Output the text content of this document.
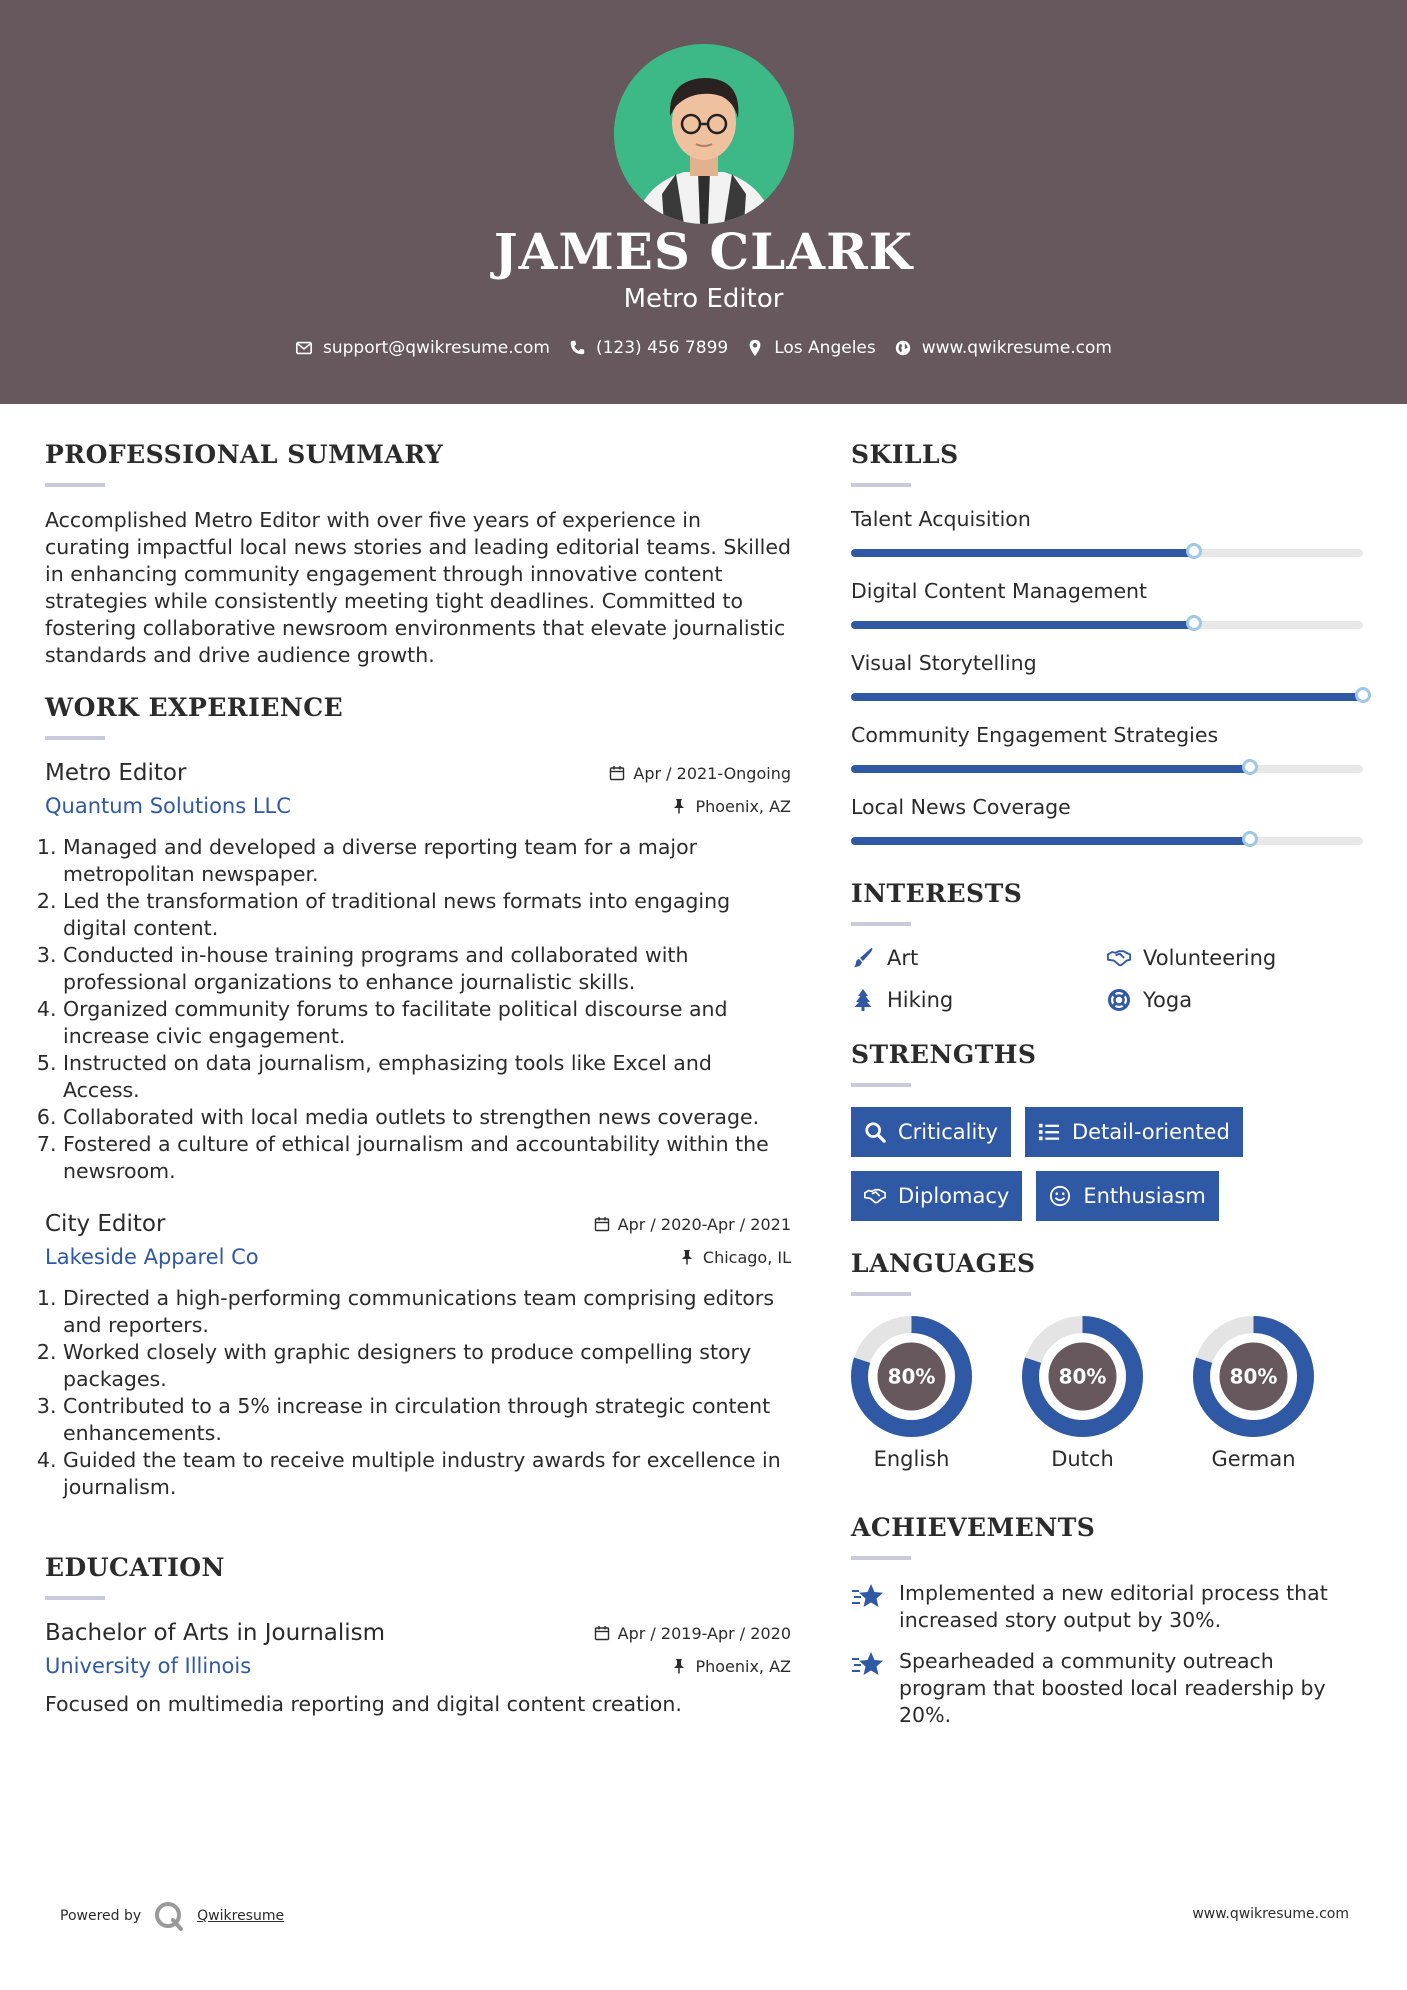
JAMES CLARK
Metro Editor
support@qwikresume.com	(123) 456 7899	Los Angeles	www.qwikresume.com
PROFESSIONAL SUMMARY

Accomplished Metro Editor with over five years of experience in curating impactful local news stories and leading editorial teams. Skilled in enhancing community engagement through innovative content strategies while consistently meeting tight deadlines. Committed to fostering collaborative newsroom environments that elevate journalistic standards and drive audience growth.

WORK EXPERIENCE
Metro Editor	Apr / 2021-Ongoing
Quantum Solutions LLC	Phoenix, AZ
1. Managed and developed a diverse reporting team for a major metropolitan newspaper.
2. Led the transformation of traditional news formats into engaging digital content.
3. Conducted in-house training programs and collaborated with professional organizations to enhance journalistic skills.
4. Organized community forums to facilitate political discourse and increase civic engagement.
5. Instructed on data journalism, emphasizing tools like Excel and Access.
6. Collaborated with local media outlets to strengthen news coverage.
7. Fostered a culture of ethical journalism and accountability within the newsroom.
City Editor	Apr / 2020-Apr / 2021
Lakeside Apparel Co	Chicago, IL
1. Directed a high-performing communications team comprising editors and reporters.
2. Worked closely with graphic designers to produce compelling story packages.
3. Contributed to a 5% increase in circulation through strategic content enhancements.
4. Guided the team to receive multiple industry awards for excellence in journalism.
EDUCATION
Bachelor of Arts in Journalism	Apr / 2019-Apr / 2020
University of Illinois	Phoenix, AZ
Focused on multimedia reporting and digital content creation.
SKILLS
Talent Acquisition
Digital Content Management
Visual Storytelling
Community Engagement Strategies
Local News Coverage
INTERESTS
Art	Volunteering
Hiking	Yoga
STRENGTHS
Criticality	Detail-oriented
Diplomacy	Enthusiasm
LANGUAGES
80%
English
80%
Dutch
80%
German
ACHIEVEMENTS
Implemented a new editorial process that increased story output by 30%.
Spearheaded a community outreach program that boosted local readership by 20%.
Powered by	Qwikresume	www.qwikresume.com
